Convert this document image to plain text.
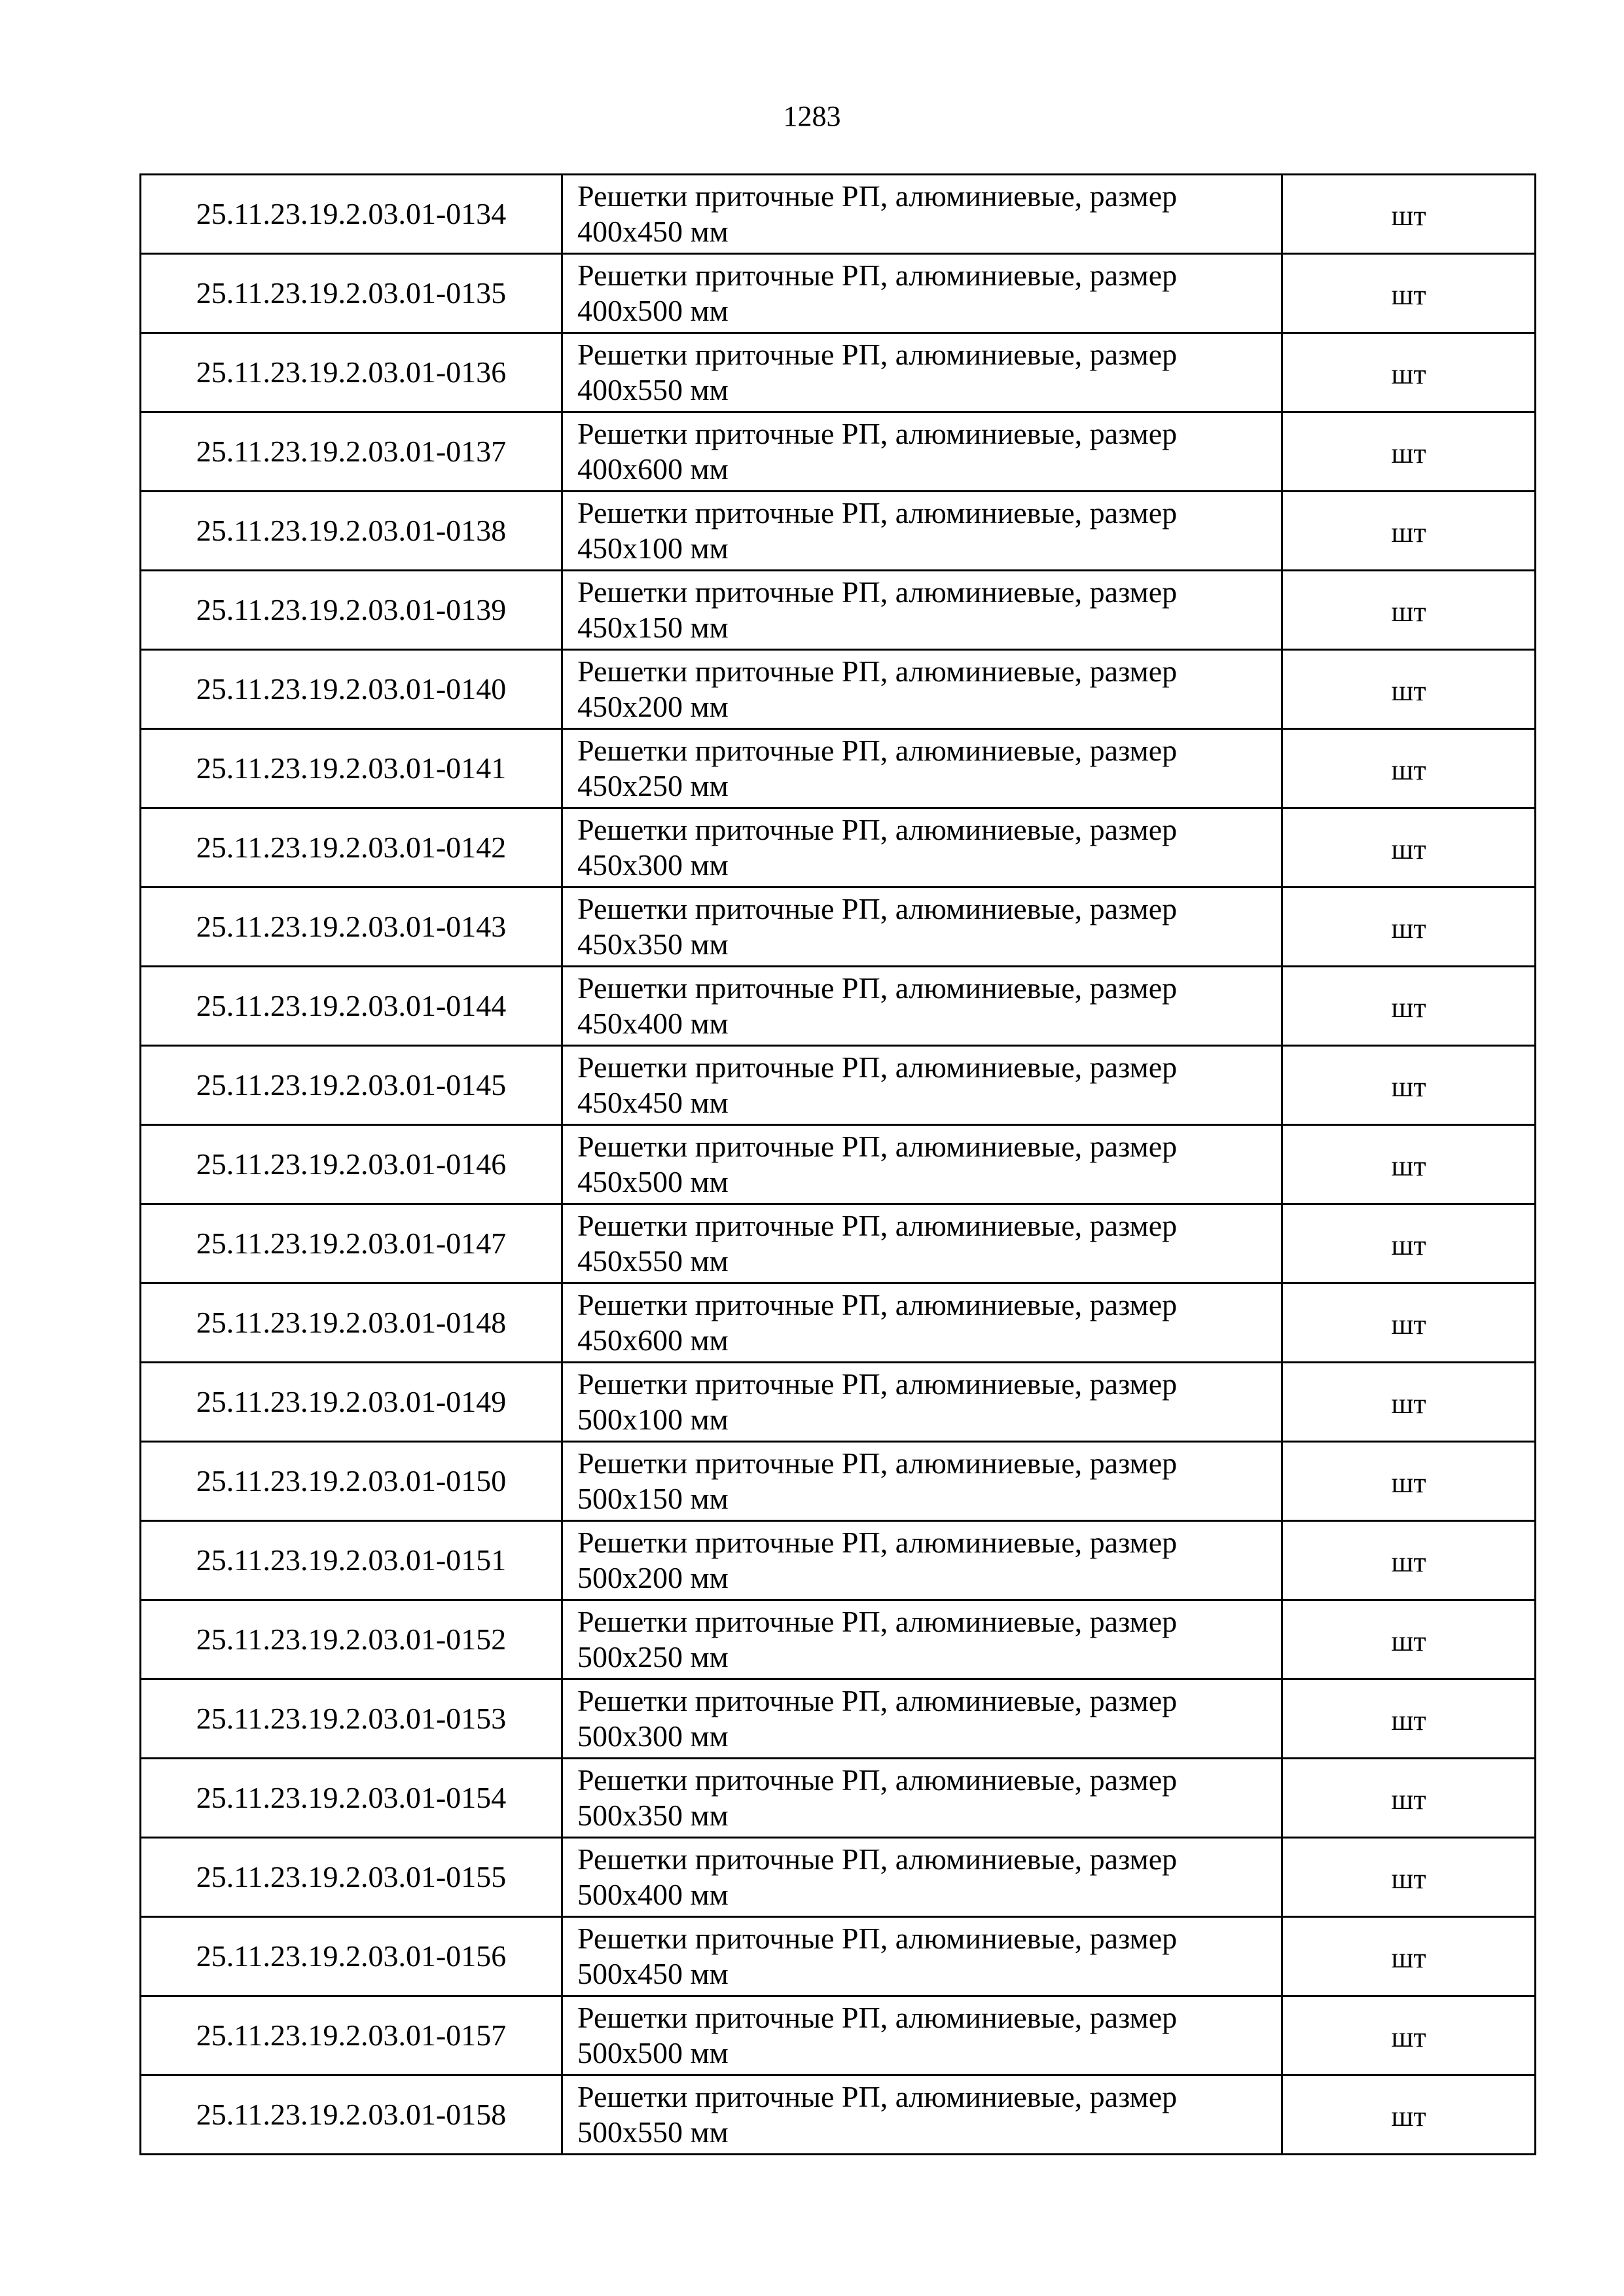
1283
25.11.23.19.2.03.01-0134	Решетки приточные РП, алюминиевые, размер
400х450 мм	шт
25.11.23.19.2.03.01-0135	Решетки приточные РП, алюминиевые, размер
400х500 мм	шт
25.11.23.19.2.03.01-0136	Решетки приточные РП, алюминиевые, размер
400х550 мм	шт
25.11.23.19.2.03.01-0137	Решетки приточные РП, алюминиевые, размер
400х600 мм	шт
25.11.23.19.2.03.01-0138	Решетки приточные РП, алюминиевые, размер
450х100 мм	шт
25.11.23.19.2.03.01-0139	Решетки приточные РП, алюминиевые, размер
450х150 мм	шт
25.11.23.19.2.03.01-0140	Решетки приточные РП, алюминиевые, размер
450х200 мм	шт
25.11.23.19.2.03.01-0141	Решетки приточные РП, алюминиевые, размер
450х250 мм	шт
25.11.23.19.2.03.01-0142	Решетки приточные РП, алюминиевые, размер
450х300 мм	шт
25.11.23.19.2.03.01-0143	Решетки приточные РП, алюминиевые, размер
450х350 мм	шт
25.11.23.19.2.03.01-0144	Решетки приточные РП, алюминиевые, размер
450х400 мм	шт
25.11.23.19.2.03.01-0145	Решетки приточные РП, алюминиевые, размер
450х450 мм	шт
25.11.23.19.2.03.01-0146	Решетки приточные РП, алюминиевые, размер
450х500 мм	шт
25.11.23.19.2.03.01-0147	Решетки приточные РП, алюминиевые, размер
450х550 мм	шт
25.11.23.19.2.03.01-0148	Решетки приточные РП, алюминиевые, размер
450х600 мм	шт
25.11.23.19.2.03.01-0149	Решетки приточные РП, алюминиевые, размер
500х100 мм	шт
25.11.23.19.2.03.01-0150	Решетки приточные РП, алюминиевые, размер
500х150 мм	шт
25.11.23.19.2.03.01-0151	Решетки приточные РП, алюминиевые, размер
500х200 мм	шт
25.11.23.19.2.03.01-0152	Решетки приточные РП, алюминиевые, размер
500х250 мм	шт
25.11.23.19.2.03.01-0153	Решетки приточные РП, алюминиевые, размер
500х300 мм	шт
25.11.23.19.2.03.01-0154	Решетки приточные РП, алюминиевые, размер
500х350 мм	шт
25.11.23.19.2.03.01-0155	Решетки приточные РП, алюминиевые, размер
500х400 мм	шт
25.11.23.19.2.03.01-0156	Решетки приточные РП, алюминиевые, размер
500х450 мм	шт
25.11.23.19.2.03.01-0157	Решетки приточные РП, алюминиевые, размер
500х500 мм	шт
25.11.23.19.2.03.01-0158	Решетки приточные РП, алюминиевые, размер
500х550 мм	шт
